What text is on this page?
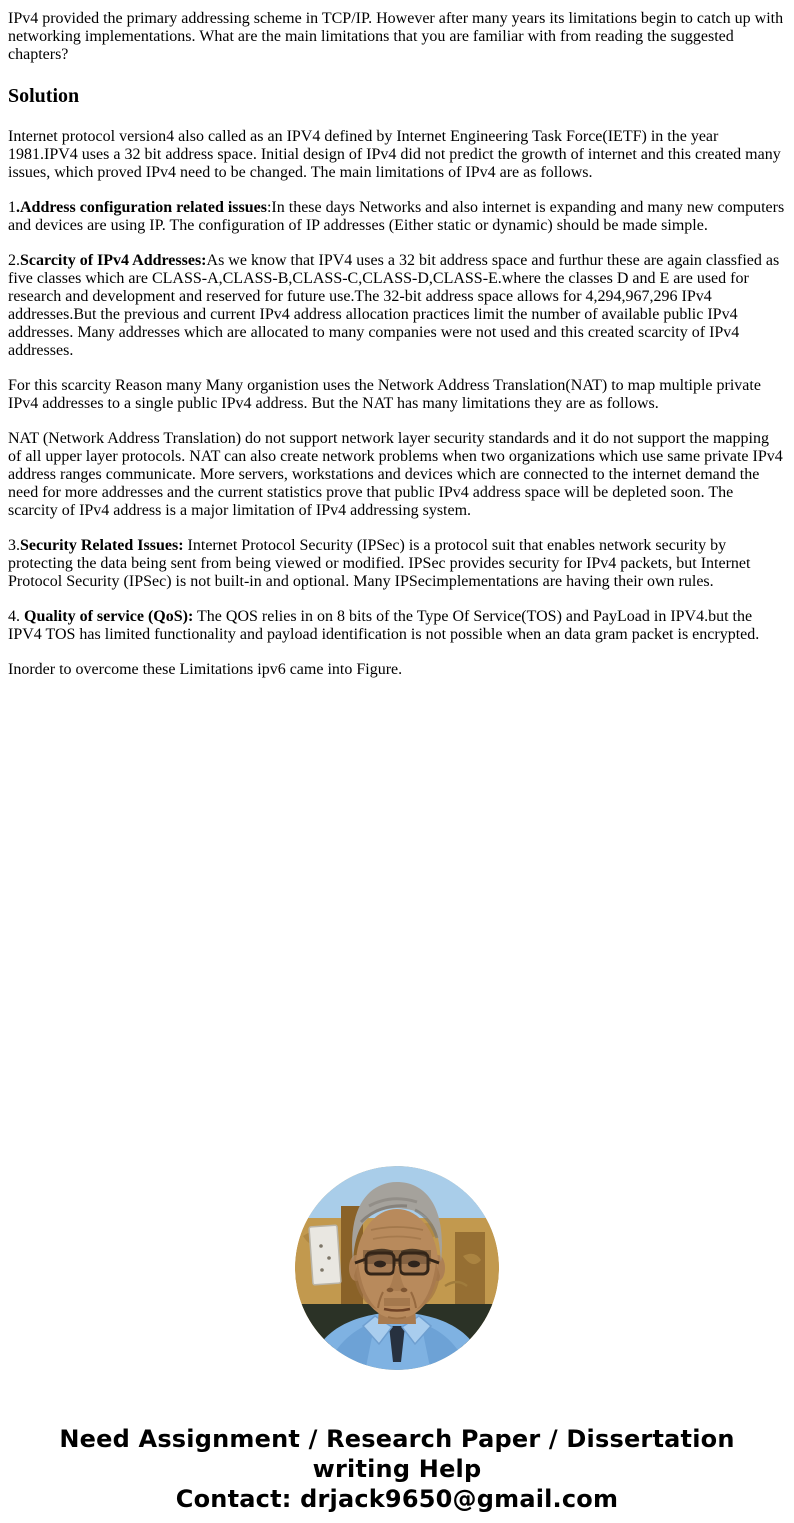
IPv4 provided the primary addressing scheme in TCP/IP. However after many years its limitations begin to catch up with networking implementations. What are the main limitations that you are familiar with from reading the suggested chapters?

Solution

Internet protocol version4 also called as an IPV4 defined by Internet Engineering Task Force(IETF) in the year 1981.IPV4 uses a 32 bit address space. Initial design of IPv4 did not predict the growth of internet and this created many issues, which proved IPv4 need to be changed. The main limitations of IPv4 are as follows.

1.Address configuration related issues:In these days Networks and also internet is expanding and many new computers and devices are using IP. The configuration of IP addresses (Either static or dynamic) should be made simple.

2.Scarcity of IPv4 Addresses:As we know that IPV4 uses a 32 bit address space and furthur these are again classfied as five classes which are CLASS-A,CLASS-B,CLASS-C,CLASS-D,CLASS-E.where the classes D and E are used for research and development and reserved for future use.The 32-bit address space allows for 4,294,967,296 IPv4 addresses.But the previous and current IPv4 address allocation practices limit the number of available public IPv4 addresses. Many addresses which are allocated to many companies were not used and this created scarcity of IPv4 addresses.

For this scarcity Reason many Many organistion uses the Network Address Translation(NAT) to map multiple private IPv4 addresses to a single public IPv4 address. But the NAT has many limitations they are as follows.

NAT (Network Address Translation) do not support network layer security standards and it do not support the mapping of all upper layer protocols. NAT can also create network problems when two organizations which use same private IPv4 address ranges communicate. More servers, workstations and devices which are connected to the internet demand the need for more addresses and the current statistics prove that public IPv4 address space will be depleted soon. The scarcity of IPv4 address is a major limitation of IPv4 addressing system.

3.Security Related Issues: Internet Protocol Security (IPSec) is a protocol suit that enables network security by protecting the data being sent from being viewed or modified. IPSec provides security for IPv4 packets, but Internet Protocol Security (IPSec) is not built-in and optional. Many IPSecimplementations are having their own rules.

4. Quality of service (QoS): The QOS relies in on 8 bits of the Type Of Service(TOS) and PayLoad in IPV4.but the IPV4 TOS has limited functionality and payload identification is not possible when an data gram packet is encrypted.

Inorder to overcome these Limitations ipv6 came into Figure.

Need Assignment / Research Paper / Dissertation
writing Help
Contact: drjack9650@gmail.com
